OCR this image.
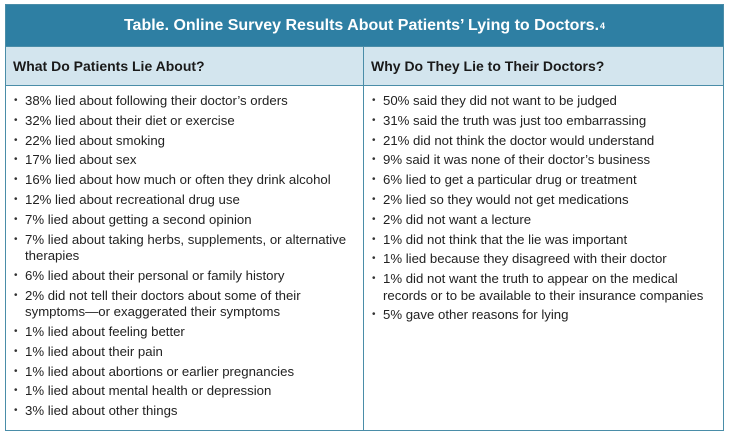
Table. Online Survey Results About Patients’ Lying to Doctors. 4
What Do Patients Lie About?	Why Do They Lie to Their Doctors?
• 38% lied about following their doctor’s orders
• 32% lied about their diet or exercise
• 22% lied about smoking
• 17% lied about sex
• 16% lied about how much or often they drink alcohol
• 12% lied about recreational drug use
• 7% lied about getting a second opinion
• 7% lied about taking herbs, supplements, or alternative therapies
• 6% lied about their personal or family history
• 2% did not tell their doctors about some of their symptoms—or exaggerated their symptoms
• 1% lied about feeling better
• 1% lied about their pain
• 1% lied about abortions or earlier pregnancies
• 1% lied about mental health or depression
• 3% lied about other things
• 50% said they did not want to be judged
• 31% said the truth was just too embarrassing
• 21% did not think the doctor would understand
• 9% said it was none of their doctor’s business
• 6% lied to get a particular drug or treatment
• 2% lied so they would not get medications
• 2% did not want a lecture
• 1% did not think that the lie was important
• 1% lied because they disagreed with their doctor
• 1% did not want the truth to appear on the medical records or to be available to their insurance companies
• 5% gave other reasons for lying
